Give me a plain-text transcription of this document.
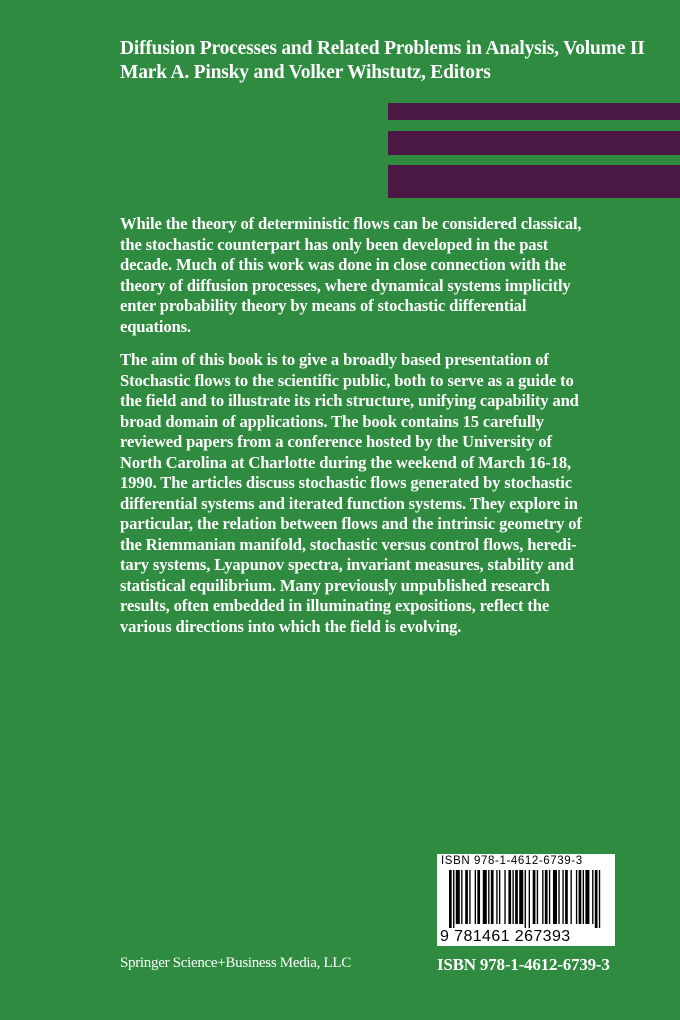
Diffusion Processes and Related Problems in Analysis, Volume II
Mark A. Pinsky and Volker Wihstutz, Editors

While the theory of deterministic flows can be considered classical,
the stochastic counterpart has only been developed in the past
decade. Much of this work was done in close connection with the
theory of diffusion processes, where dynamical systems implicitly
enter probability theory by means of stochastic differential
equations.

The aim of this book is to give a broadly based presentation of
Stochastic flows to the scientific public, both to serve as a guide to
the field and to illustrate its rich structure, unifying capability and
broad domain of applications. The book contains 15 carefully
reviewed papers from a conference hosted by the University of
North Carolina at Charlotte during the weekend of March 16-18,
1990. The articles discuss stochastic flows generated by stochastic
differential systems and iterated function systems. They explore in
particular, the relation between flows and the intrinsic geometry of
the Riemmanian manifold, stochastic versus control flows, heredi-
tary systems, Lyapunov spectra, invariant measures, stability and
statistical equilibrium. Many previously unpublished research
results, often embedded in illuminating expositions, reflect the
various directions into which the field is evolving.

ISBN 978-1-4612-6739-3
9 781461 267393
Springer Science+Business Media, LLC	ISBN 978-1-4612-6739-3
